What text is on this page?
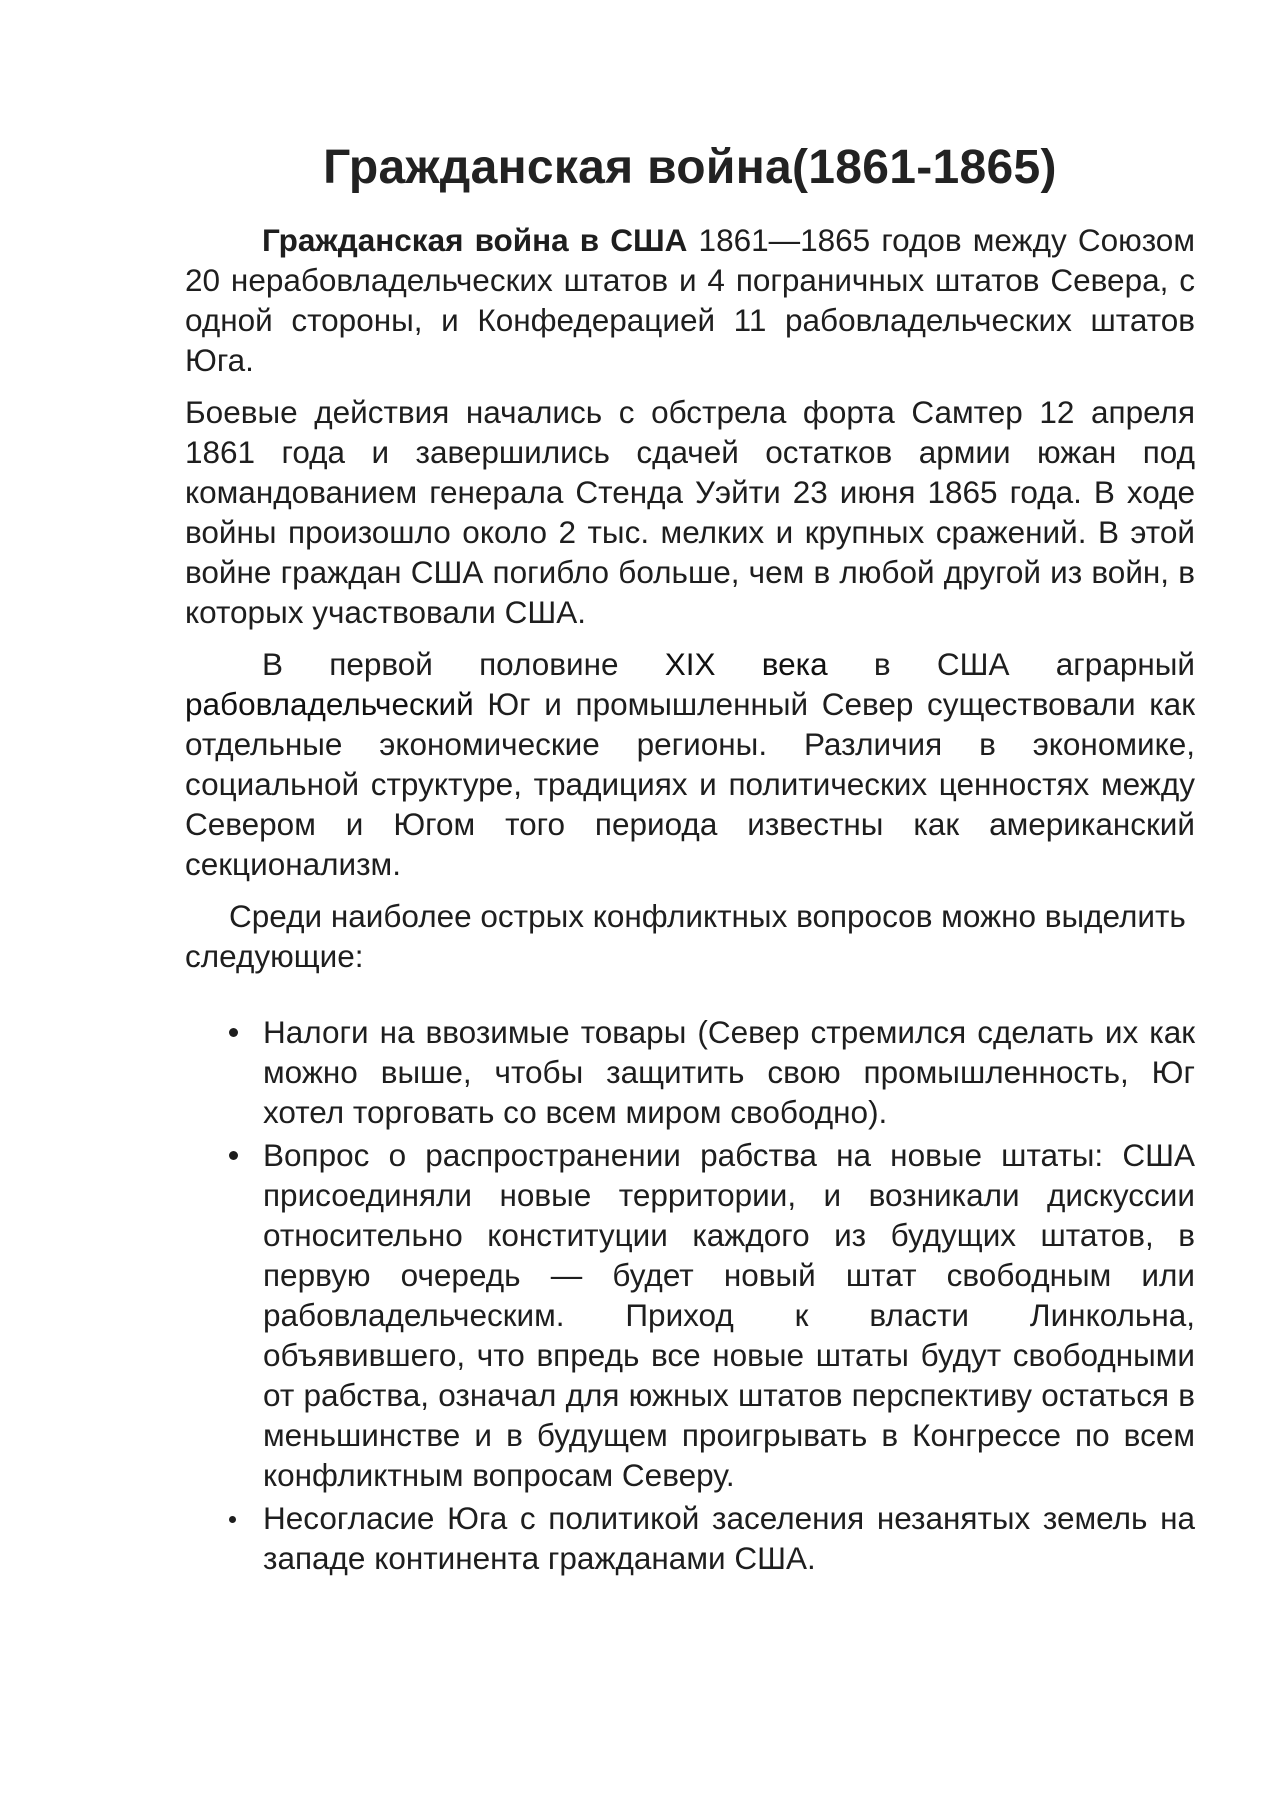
Гражданская война(1861-1865)

Гражданская война в США 1861—1865 годов между Союзом 20 нерабовладельческих штатов и 4 пограничных штатов Севера, с одной стороны, и Конфедерацией 11 рабовладельческих штатов Юга.

Боевые действия начались с обстрела форта Самтер 12 апреля 1861 года и завершились сдачей остатков армии южан под командованием генерала Стенда Уэйти 23 июня 1865 года. В ходе войны произошло около 2 тыс. мелких и крупных сражений. В этой войне граждан США погибло больше, чем в любой другой из войн, в которых участвовали США.

В первой половине XIX века в США аграрный рабовладельческий Юг и промышленный Север существовали как отдельные экономические регионы. Различия в экономике, социальной структуре, традициях и политических ценностях между Севером и Югом того периода известны как американский секционализм.

Среди наиболее острых конфликтных вопросов можно выделить следующие:

Налоги на ввозимые товары (Север стремился сделать их как можно выше, чтобы защитить свою промышленность, Юг хотел торговать со всем миром свободно).
Вопрос о распространении рабства на новые штаты: США присоединяли новые территории, и возникали дискуссии относительно конституции каждого из будущих штатов, в первую очередь — будет новый штат свободным или рабовладельческим. Приход к власти Линкольна, объявившего, что впредь все новые штаты будут свободными от рабства, означал для южных штатов перспективу остаться в меньшинстве и в будущем проигрывать в Конгрессе по всем конфликтным вопросам Северу.
Несогласие Юга с политикой заселения незанятых земель на западе континента гражданами США.
